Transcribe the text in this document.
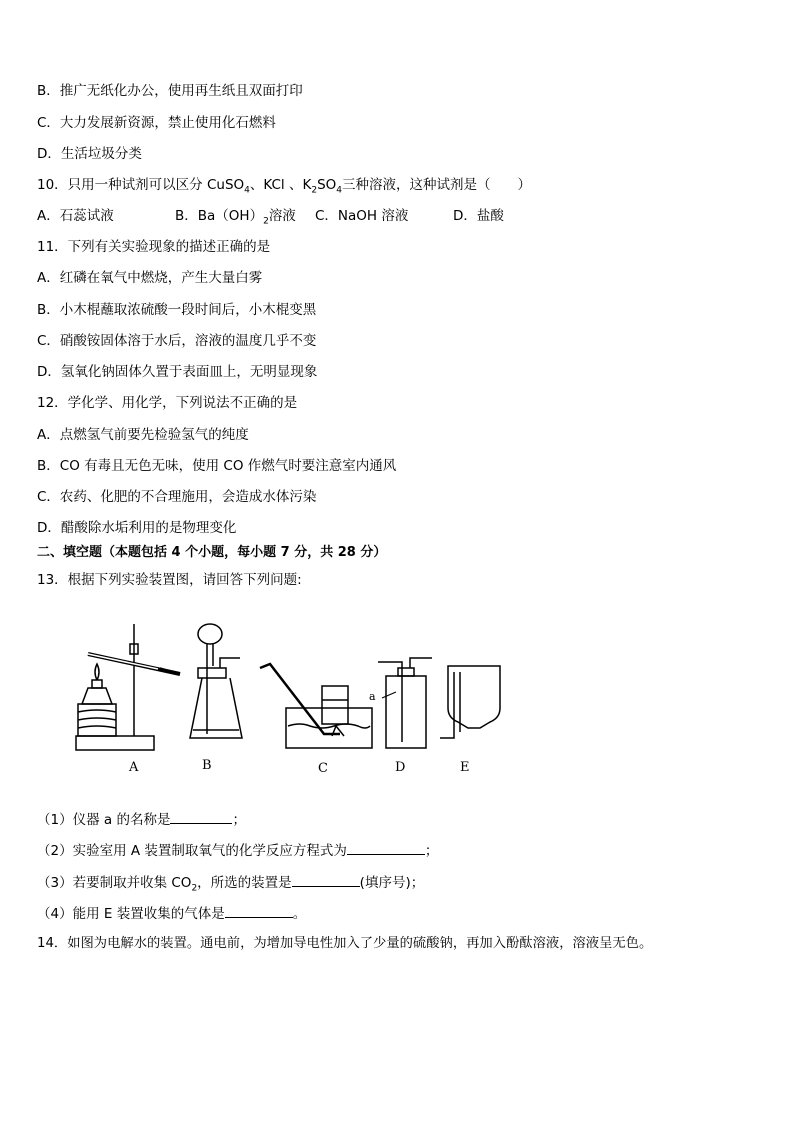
B．推广无纸化办公，使用再生纸且双面打印
C．大力发展新资源，禁止使用化石燃料
D．生活垃圾分类
10．只用一种试剂可以区分 CuSO$_4$、KCl 、$K_2SO_4$三种溶液，这种试剂是（　　）
A．石蕊试液	B．$Ba(OH)_2$溶液 C．NaOH 溶液	D．盐酸
11．下列有关实验现象的描述正确的是
A．红磷在氧气中燃烧，产生大量白雾
B．小木棍蘸取浓硫酸一段时间后，小木棍变黑
C．硝酸铵固体溶于水后，溶液的温度几乎不变
D．氢氧化钠固体久置于表面皿上，无明显现象
12．学化学、用化学，下列说法不正确的是
A．点燃氢气前要先检验氢气的纯度
B．CO 有毒且无色无味，使用 CO 作燃气时要注意室内通风
C．农药、化肥的不合理施用，会造成水体污染
D．醋酸除水垢利用的是物理变化
二、填空题（本题包括 4 个小题，每小题 7 分，共 28 分）
13．根据下列实验装置图，请回答下列问题:
A	B	C	D	E
a
（1）仪器 a 的名称是	；
（2）实验室用 A 装置制取氧气的化学反应方程式为	；
（3）若要制取并收集 $CO_2$，所选的装置是	(填序号)；
（4）能用 E 装置收集的气体是	。
14．如图为电解水的装置。通电前，为增加导电性加入了少量的硫酸钠，再加入酚酞溶液，溶液呈无色。
